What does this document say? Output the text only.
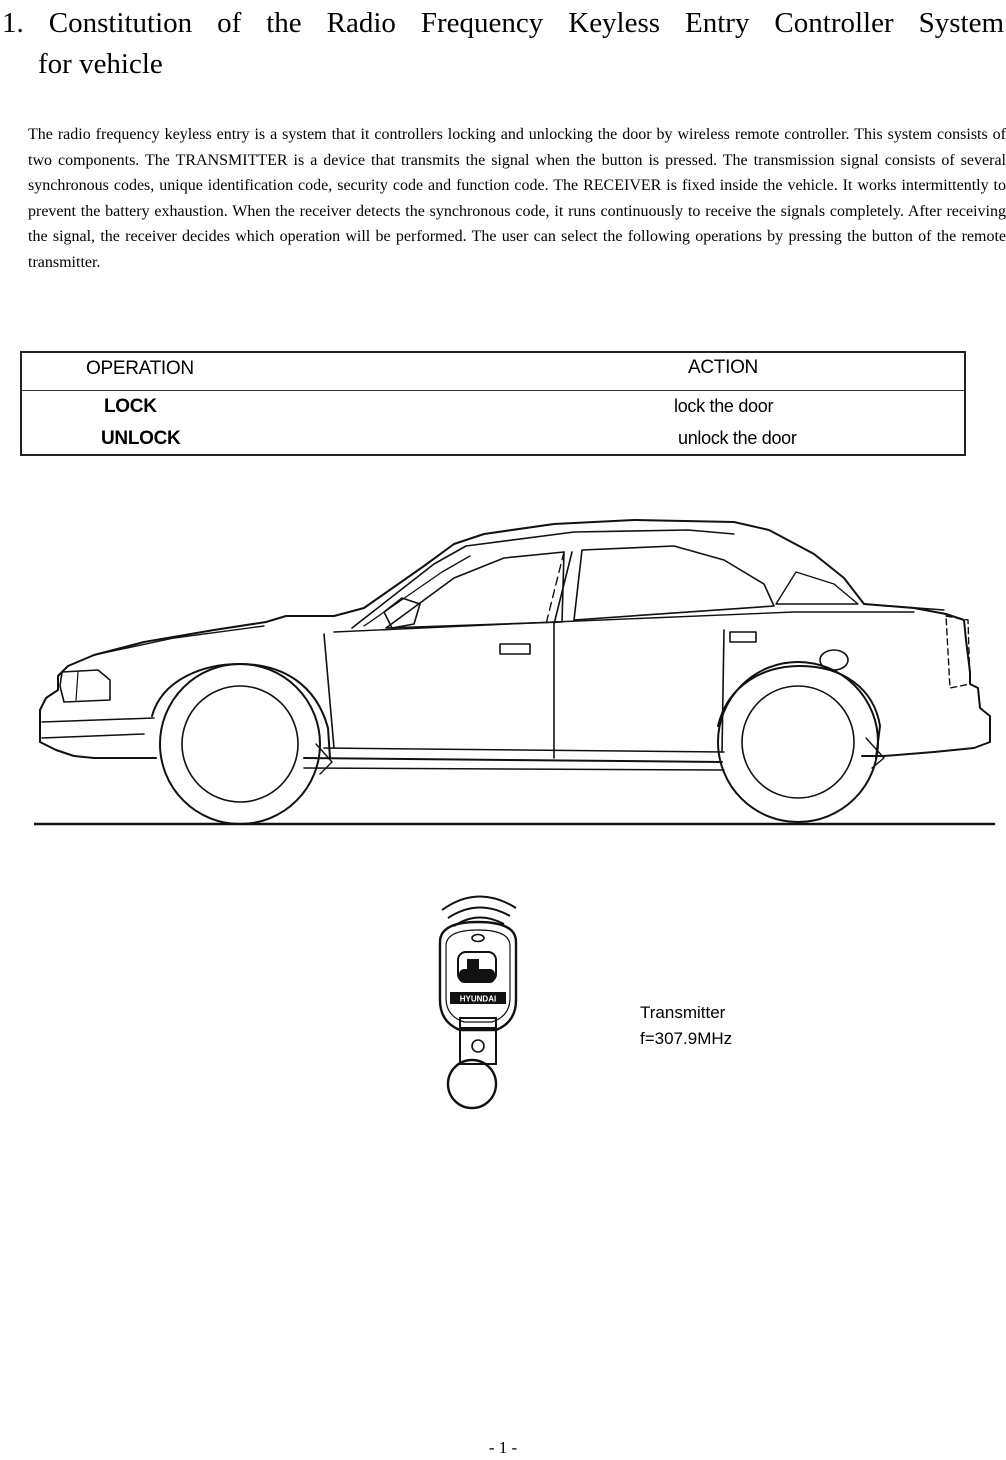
1. Constitution of the Radio Frequency Keyless Entry Controller System
for vehicle
The radio frequency keyless entry is a system that it controllers locking and unlocking the door by wireless remote controller. This system consists of two components. The TRANSMITTER is a device that transmits the signal when the button is pressed. The transmission signal consists of several synchronous codes, unique identification code, security code and function code. The RECEIVER is fixed inside the vehicle. It works intermittently to prevent the battery exhaustion. When the receiver detects the synchronous code, it runs continuously to receive the signals completely. After receiving the signal, the receiver decides which operation will be performed. The user can select the following operations by pressing the button of the remote transmitter.
OPERATION	ACTION
LOCK	lock the door
UNLOCK	unlock the door
HYUNDAI
Transmitter
f=307.9MHz
- 1 -
